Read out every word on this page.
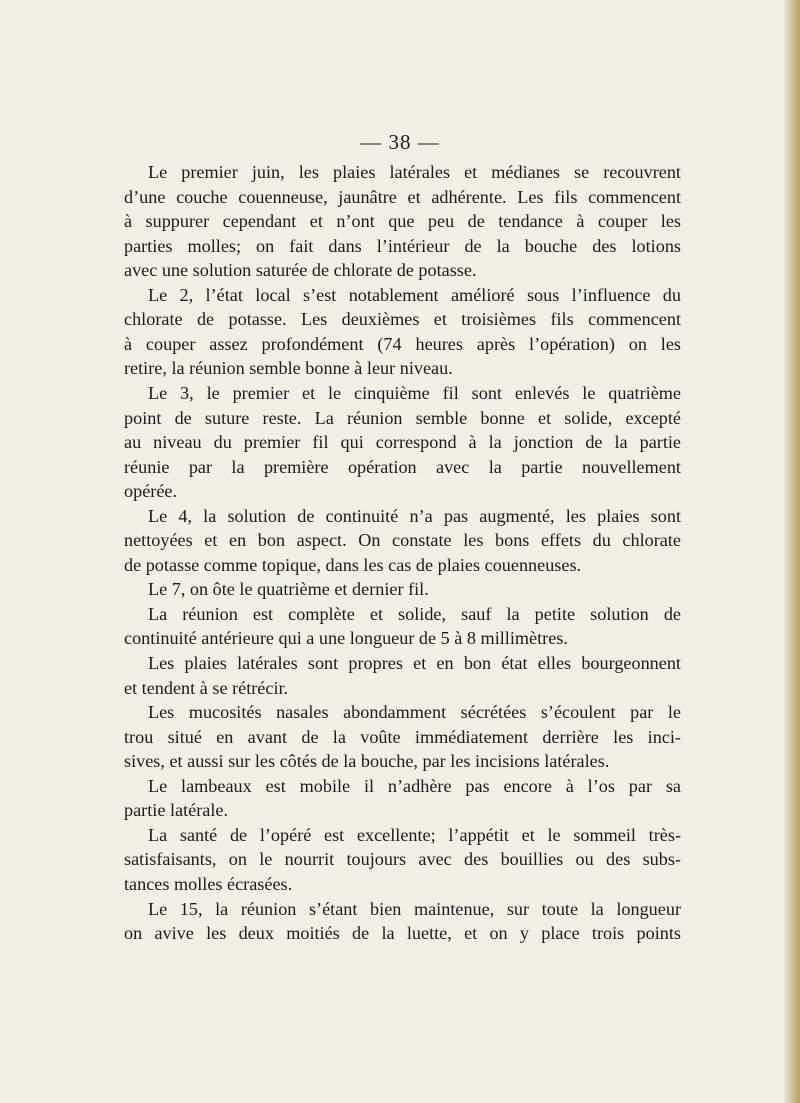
— 38 —
Le premier juin, les plaies latérales et médianes se recouvrent
d’une couche couenneuse, jaunâtre et adhérente. Les fils commencent
à suppurer cependant et n’ont que peu de tendance à couper les
parties molles; on fait dans l’intérieur de la bouche des lotions
avec une solution saturée de chlorate de potasse.
Le 2, l’état local s’est notablement amélioré sous l’influence du
chlorate de potasse. Les deuxièmes et troisièmes fils commencent
à couper assez profondément (74 heures après l’opération) on les
retire, la réunion semble bonne à leur niveau.
Le 3, le premier et le cinquième fil sont enlevés le quatrième
point de suture reste. La réunion semble bonne et solide, excepté
au niveau du premier fil qui correspond à la jonction de la partie
réunie par la première opération avec la partie nouvellement
opérée.
Le 4, la solution de continuité n’a pas augmenté, les plaies sont
nettoyées et en bon aspect. On constate les bons effets du chlorate
de potasse comme topique, dans les cas de plaies couenneuses.
Le 7, on ôte le quatrième et dernier fil.
La réunion est complète et solide, sauf la petite solution de
continuité antérieure qui a une longueur de 5 à 8 millimètres.
Les plaies latérales sont propres et en bon état elles bourgeonnent
et tendent à se rétrécir.
Les mucosités nasales abondamment sécrétées s’écoulent par le
trou situé en avant de la voûte immédiatement derrière les inci-
sives, et aussi sur les côtés de la bouche, par les incisions latérales.
Le lambeaux est mobile il n’adhère pas encore à l’os par sa
partie latérale.
La santé de l’opéré est excellente; l’appétit et le sommeil très-
satisfaisants, on le nourrit toujours avec des bouillies ou des subs-
tances molles écrasées.
Le 15, la réunion s’étant bien maintenue, sur toute la longueur
on avive les deux moitiés de la luette, et on y place trois points
